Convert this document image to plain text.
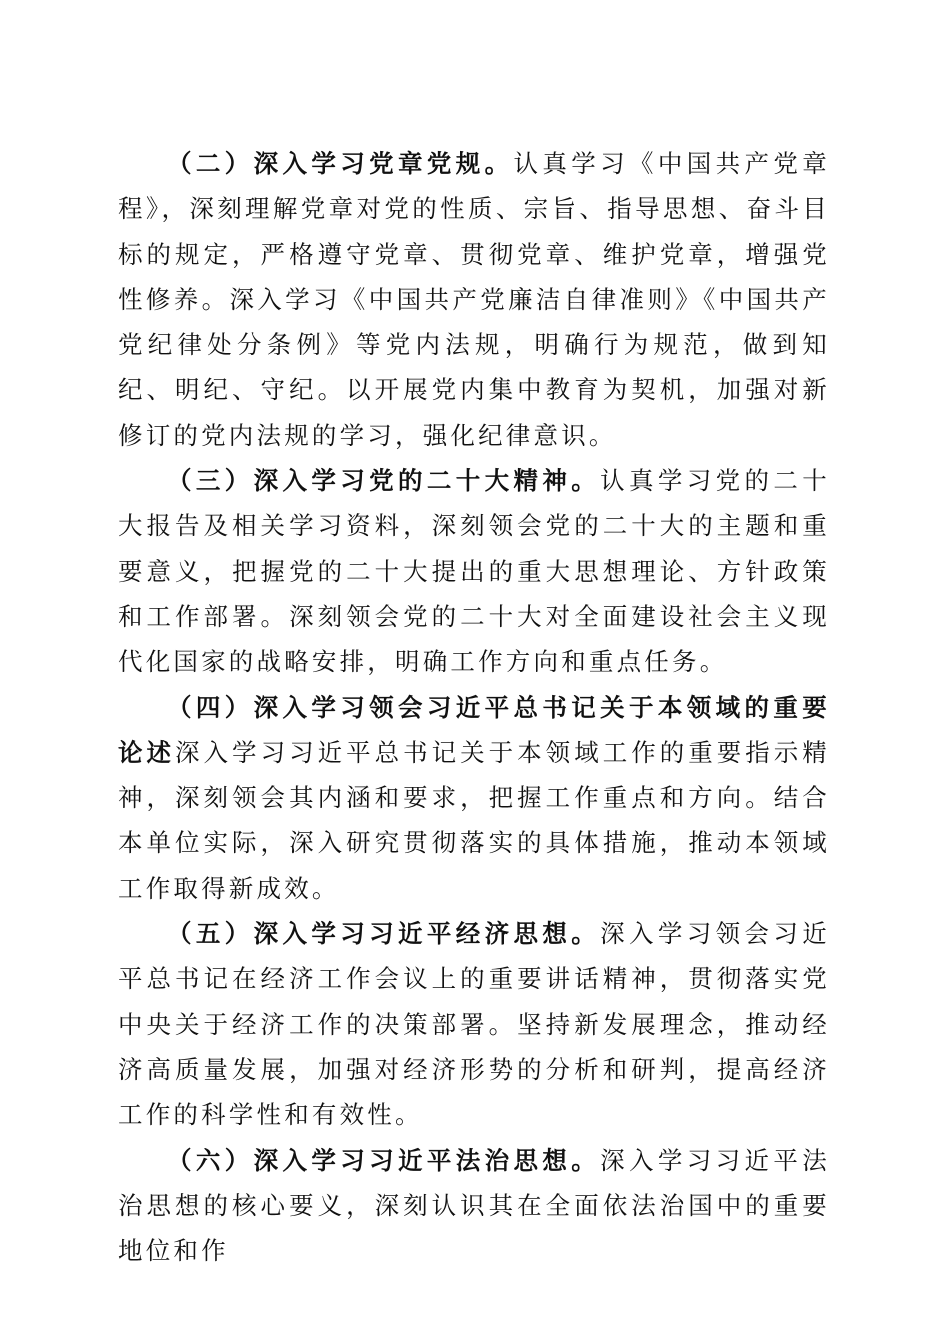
（二）深入学习党章党规。认真学习《中国共产党章程》，深刻理解党章对党的性质、宗旨、指导思想、奋斗目标的规定，严格遵守党章、贯彻党章、维护党章，增强党性修养。深入学习《中国共产党廉洁自律准则》《中国共产党纪律处分条例》等党内法规，明确行为规范，做到知纪、明纪、守纪。以开展党内集中教育为契机，加强对新修订的党内法规的学习，强化纪律意识。

（三）深入学习党的二十大精神。认真学习党的二十大报告及相关学习资料，深刻领会党的二十大的主题和重要意义，把握党的二十大提出的重大思想理论、方针政策和工作部署。深刻领会党的二十大对全面建设社会主义现代化国家的战略安排，明确工作方向和重点任务。

（四）深入学习领会习近平总书记关于本领域的重要论述深入学习习近平总书记关于本领域工作的重要指示精神，深刻领会其内涵和要求，把握工作重点和方向。结合本单位实际，深入研究贯彻落实的具体措施，推动本领域工作取得新成效。

（五）深入学习习近平经济思想。深入学习领会习近平总书记在经济工作会议上的重要讲话精神，贯彻落实党中央关于经济工作的决策部署。坚持新发展理念，推动经济高质量发展，加强对经济形势的分析和研判，提高经济工作的科学性和有效性。

（六）深入学习习近平法治思想。深入学习习近平法治思想的核心要义，深刻认识其在全面依法治国中的重要地位和作
